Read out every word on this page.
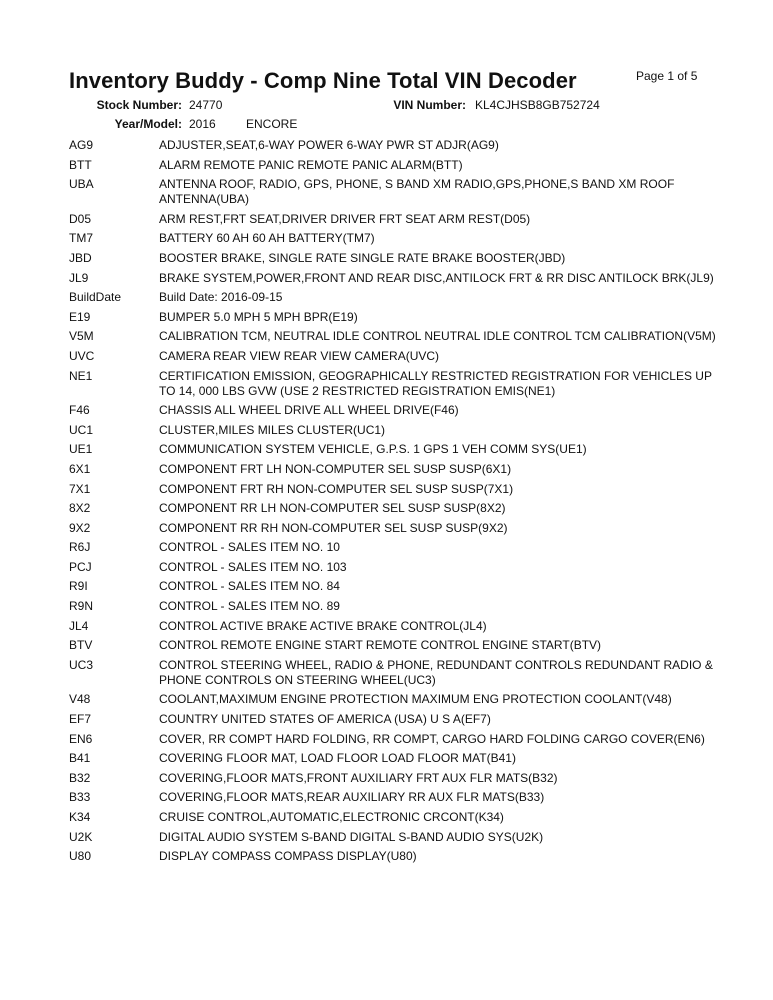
Inventory Buddy - Comp Nine Total VIN Decoder	Page 1 of 5
Stock Number: 24770	VIN Number: KL4CJHSB8GB752724
Year/Model: 2016	ENCORE
AG9	ADJUSTER,SEAT,6-WAY POWER 6-WAY PWR ST ADJR(AG9)
BTT	ALARM REMOTE PANIC REMOTE PANIC ALARM(BTT)
UBA	ANTENNA ROOF, RADIO, GPS, PHONE, S BAND XM RADIO,GPS,PHONE,S BAND XM ROOF ANTENNA(UBA)
D05	ARM REST,FRT SEAT,DRIVER DRIVER FRT SEAT ARM REST(D05)
TM7	BATTERY 60 AH 60 AH BATTERY(TM7)
JBD	BOOSTER BRAKE, SINGLE RATE SINGLE RATE BRAKE BOOSTER(JBD)
JL9	BRAKE SYSTEM,POWER,FRONT AND REAR DISC,ANTILOCK FRT & RR DISC ANTILOCK BRK(JL9)
BuildDate	Build Date: 2016-09-15
E19	BUMPER 5.0 MPH 5 MPH BPR(E19)
V5M	CALIBRATION TCM, NEUTRAL IDLE CONTROL NEUTRAL IDLE CONTROL TCM CALIBRATION(V5M)
UVC	CAMERA REAR VIEW REAR VIEW CAMERA(UVC)
NE1	CERTIFICATION EMISSION, GEOGRAPHICALLY RESTRICTED REGISTRATION FOR VEHICLES UP TO 14, 000 LBS GVW (USE 2 RESTRICTED REGISTRATION EMIS(NE1)
F46	CHASSIS ALL WHEEL DRIVE ALL WHEEL DRIVE(F46)
UC1	CLUSTER,MILES MILES CLUSTER(UC1)
UE1	COMMUNICATION SYSTEM VEHICLE, G.P.S. 1 GPS 1 VEH COMM SYS(UE1)
6X1	COMPONENT FRT LH NON-COMPUTER SEL SUSP SUSP(6X1)
7X1	COMPONENT FRT RH NON-COMPUTER SEL SUSP SUSP(7X1)
8X2	COMPONENT RR LH NON-COMPUTER SEL SUSP SUSP(8X2)
9X2	COMPONENT RR RH NON-COMPUTER SEL SUSP SUSP(9X2)
R6J	CONTROL - SALES ITEM NO. 10
PCJ	CONTROL - SALES ITEM NO. 103
R9I	CONTROL - SALES ITEM NO. 84
R9N	CONTROL - SALES ITEM NO. 89
JL4	CONTROL ACTIVE BRAKE ACTIVE BRAKE CONTROL(JL4)
BTV	CONTROL REMOTE ENGINE START REMOTE CONTROL ENGINE START(BTV)
UC3	CONTROL STEERING WHEEL, RADIO & PHONE, REDUNDANT CONTROLS REDUNDANT RADIO & PHONE CONTROLS ON STEERING WHEEL(UC3)
V48	COOLANT,MAXIMUM ENGINE PROTECTION MAXIMUM ENG PROTECTION COOLANT(V48)
EF7	COUNTRY UNITED STATES OF AMERICA (USA) U S A(EF7)
EN6	COVER, RR COMPT HARD FOLDING, RR COMPT, CARGO HARD FOLDING CARGO COVER(EN6)
B41	COVERING FLOOR MAT, LOAD FLOOR LOAD FLOOR MAT(B41)
B32	COVERING,FLOOR MATS,FRONT AUXILIARY FRT AUX FLR MATS(B32)
B33	COVERING,FLOOR MATS,REAR AUXILIARY RR AUX FLR MATS(B33)
K34	CRUISE CONTROL,AUTOMATIC,ELECTRONIC CRCONT(K34)
U2K	DIGITAL AUDIO SYSTEM S-BAND DIGITAL S-BAND AUDIO SYS(U2K)
U80	DISPLAY COMPASS COMPASS DISPLAY(U80)
